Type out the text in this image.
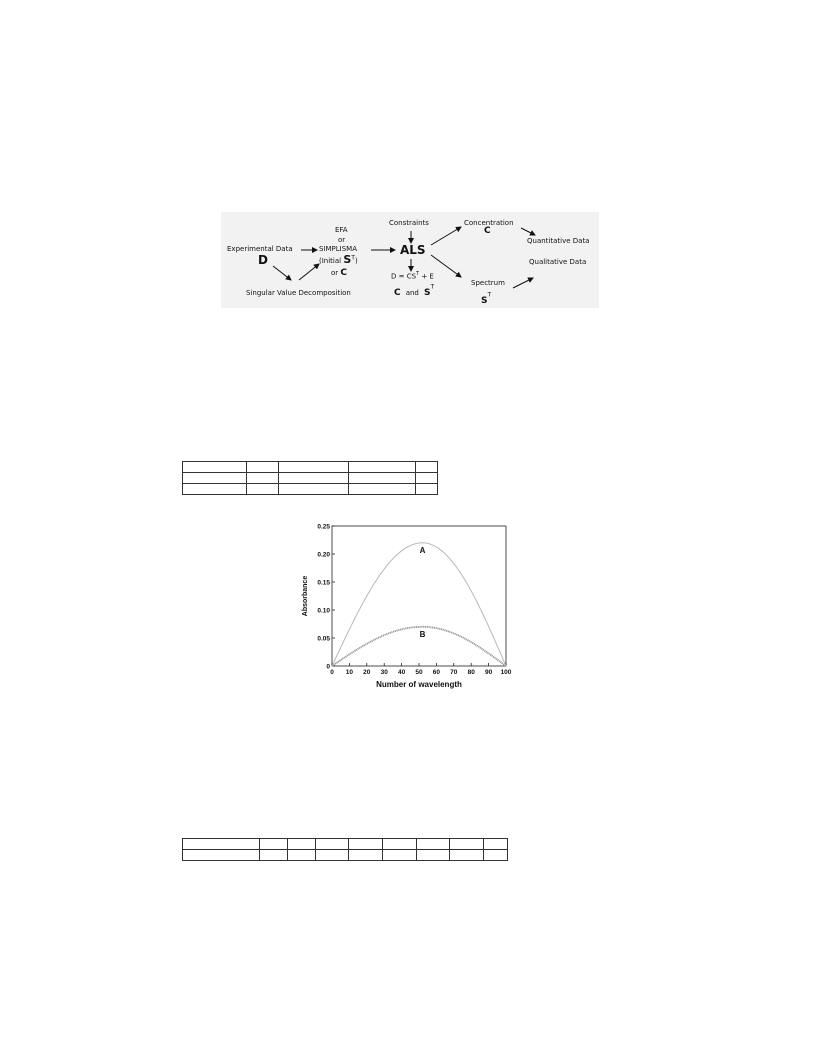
Experimental Data
D
EFA
or
SIMPLISMA
(Initial $S^T$)
or C
Singular Value Decomposition
Constraints
ALS
$D = CS^T + E$
C and $S^T$
Concentration
C
Quantitative Data
Qualitative Data
Spectrum
$S^T$

0
0.05
0.10
0.15
0.20
0.25
0 10 20 30 40 50 60 70 80 90 100
A
B
Number of wavelength
Absorbance
